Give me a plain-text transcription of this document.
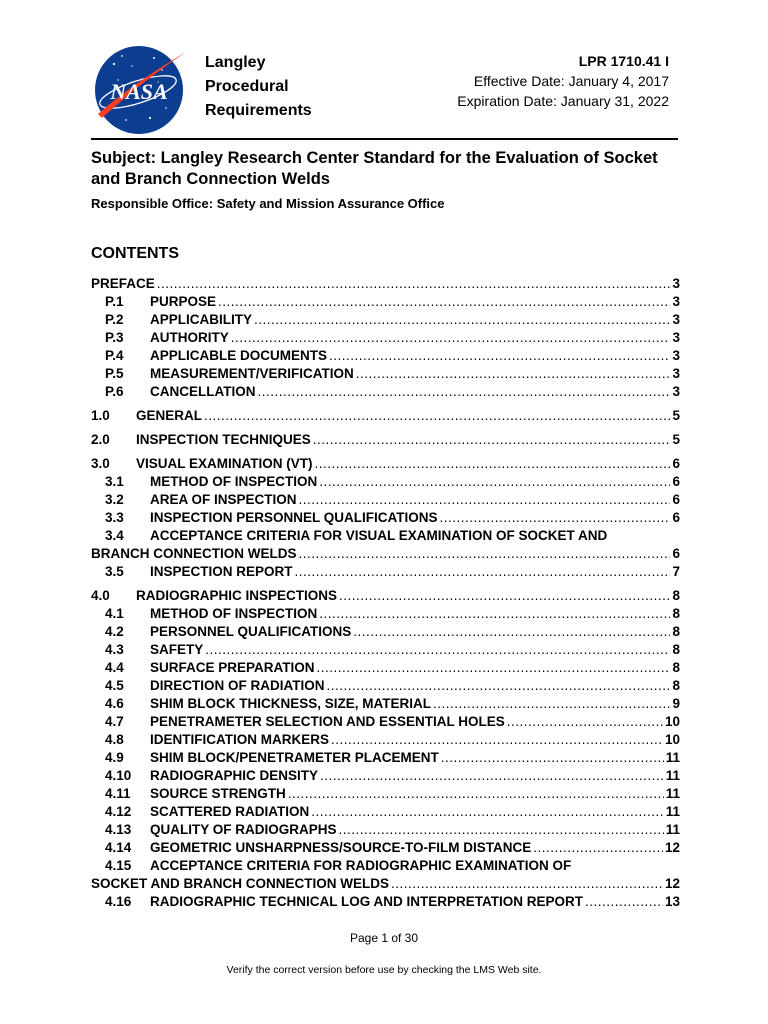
NASA
Langley
Procedural
Requirements
LPR 1710.41 I
Effective Date: January 4, 2017
Expiration Date: January 31, 2022
Subject: Langley Research Center Standard for the Evaluation of Socket and Branch Connection Welds
Responsible Office: Safety and Mission Assurance Office
CONTENTS
PREFACE .....	3
P.1	PURPOSE .....	3
P.2	APPLICABILITY .....	3
P.3	AUTHORITY .....	3
P.4	APPLICABLE DOCUMENTS .....	3
P.5	MEASUREMENT/VERIFICATION .....	3
P.6	CANCELLATION .....	3
1.0	GENERAL .....	5
2.0	INSPECTION TECHNIQUES .....	5
3.0	VISUAL EXAMINATION (VT) .....	6
3.1	METHOD OF INSPECTION .....	6
3.2	AREA OF INSPECTION .....	6
3.3	INSPECTION PERSONNEL QUALIFICATIONS .....	6
3.4 ACCEPTANCE CRITERIA FOR VISUAL EXAMINATION OF SOCKET AND
BRANCH CONNECTION WELDS .....	6
3.5	INSPECTION REPORT .....	7
4.0	RADIOGRAPHIC INSPECTIONS .....	8
4.1	METHOD OF INSPECTION .....	8
4.2	PERSONNEL QUALIFICATIONS .....	8
4.3	SAFETY .....	8
4.4	SURFACE PREPARATION .....	8
4.5	DIRECTION OF RADIATION .....	8
4.6	SHIM BLOCK THICKNESS, SIZE, MATERIAL .....	9
4.7	PENETRAMETER SELECTION AND ESSENTIAL HOLES .....	10
4.8	IDENTIFICATION MARKERS .....	10
4.9	SHIM BLOCK/PENETRAMETER PLACEMENT .....	11
4.10	RADIOGRAPHIC DENSITY .....	11
4.11	SOURCE STRENGTH .....	11
4.12	SCATTERED RADIATION .....	11
4.13	QUALITY OF RADIOGRAPHS .....	11
4.14	GEOMETRIC UNSHARPNESS/SOURCE-TO-FILM DISTANCE .....	12
4.15 ACCEPTANCE CRITERIA FOR RADIOGRAPHIC EXAMINATION OF
SOCKET AND BRANCH CONNECTION WELDS .....	12
4.16	RADIOGRAPHIC TECHNICAL LOG AND INTERPRETATION REPORT .....	13
Page 1 of 30
Verify the correct version before use by checking the LMS Web site.
